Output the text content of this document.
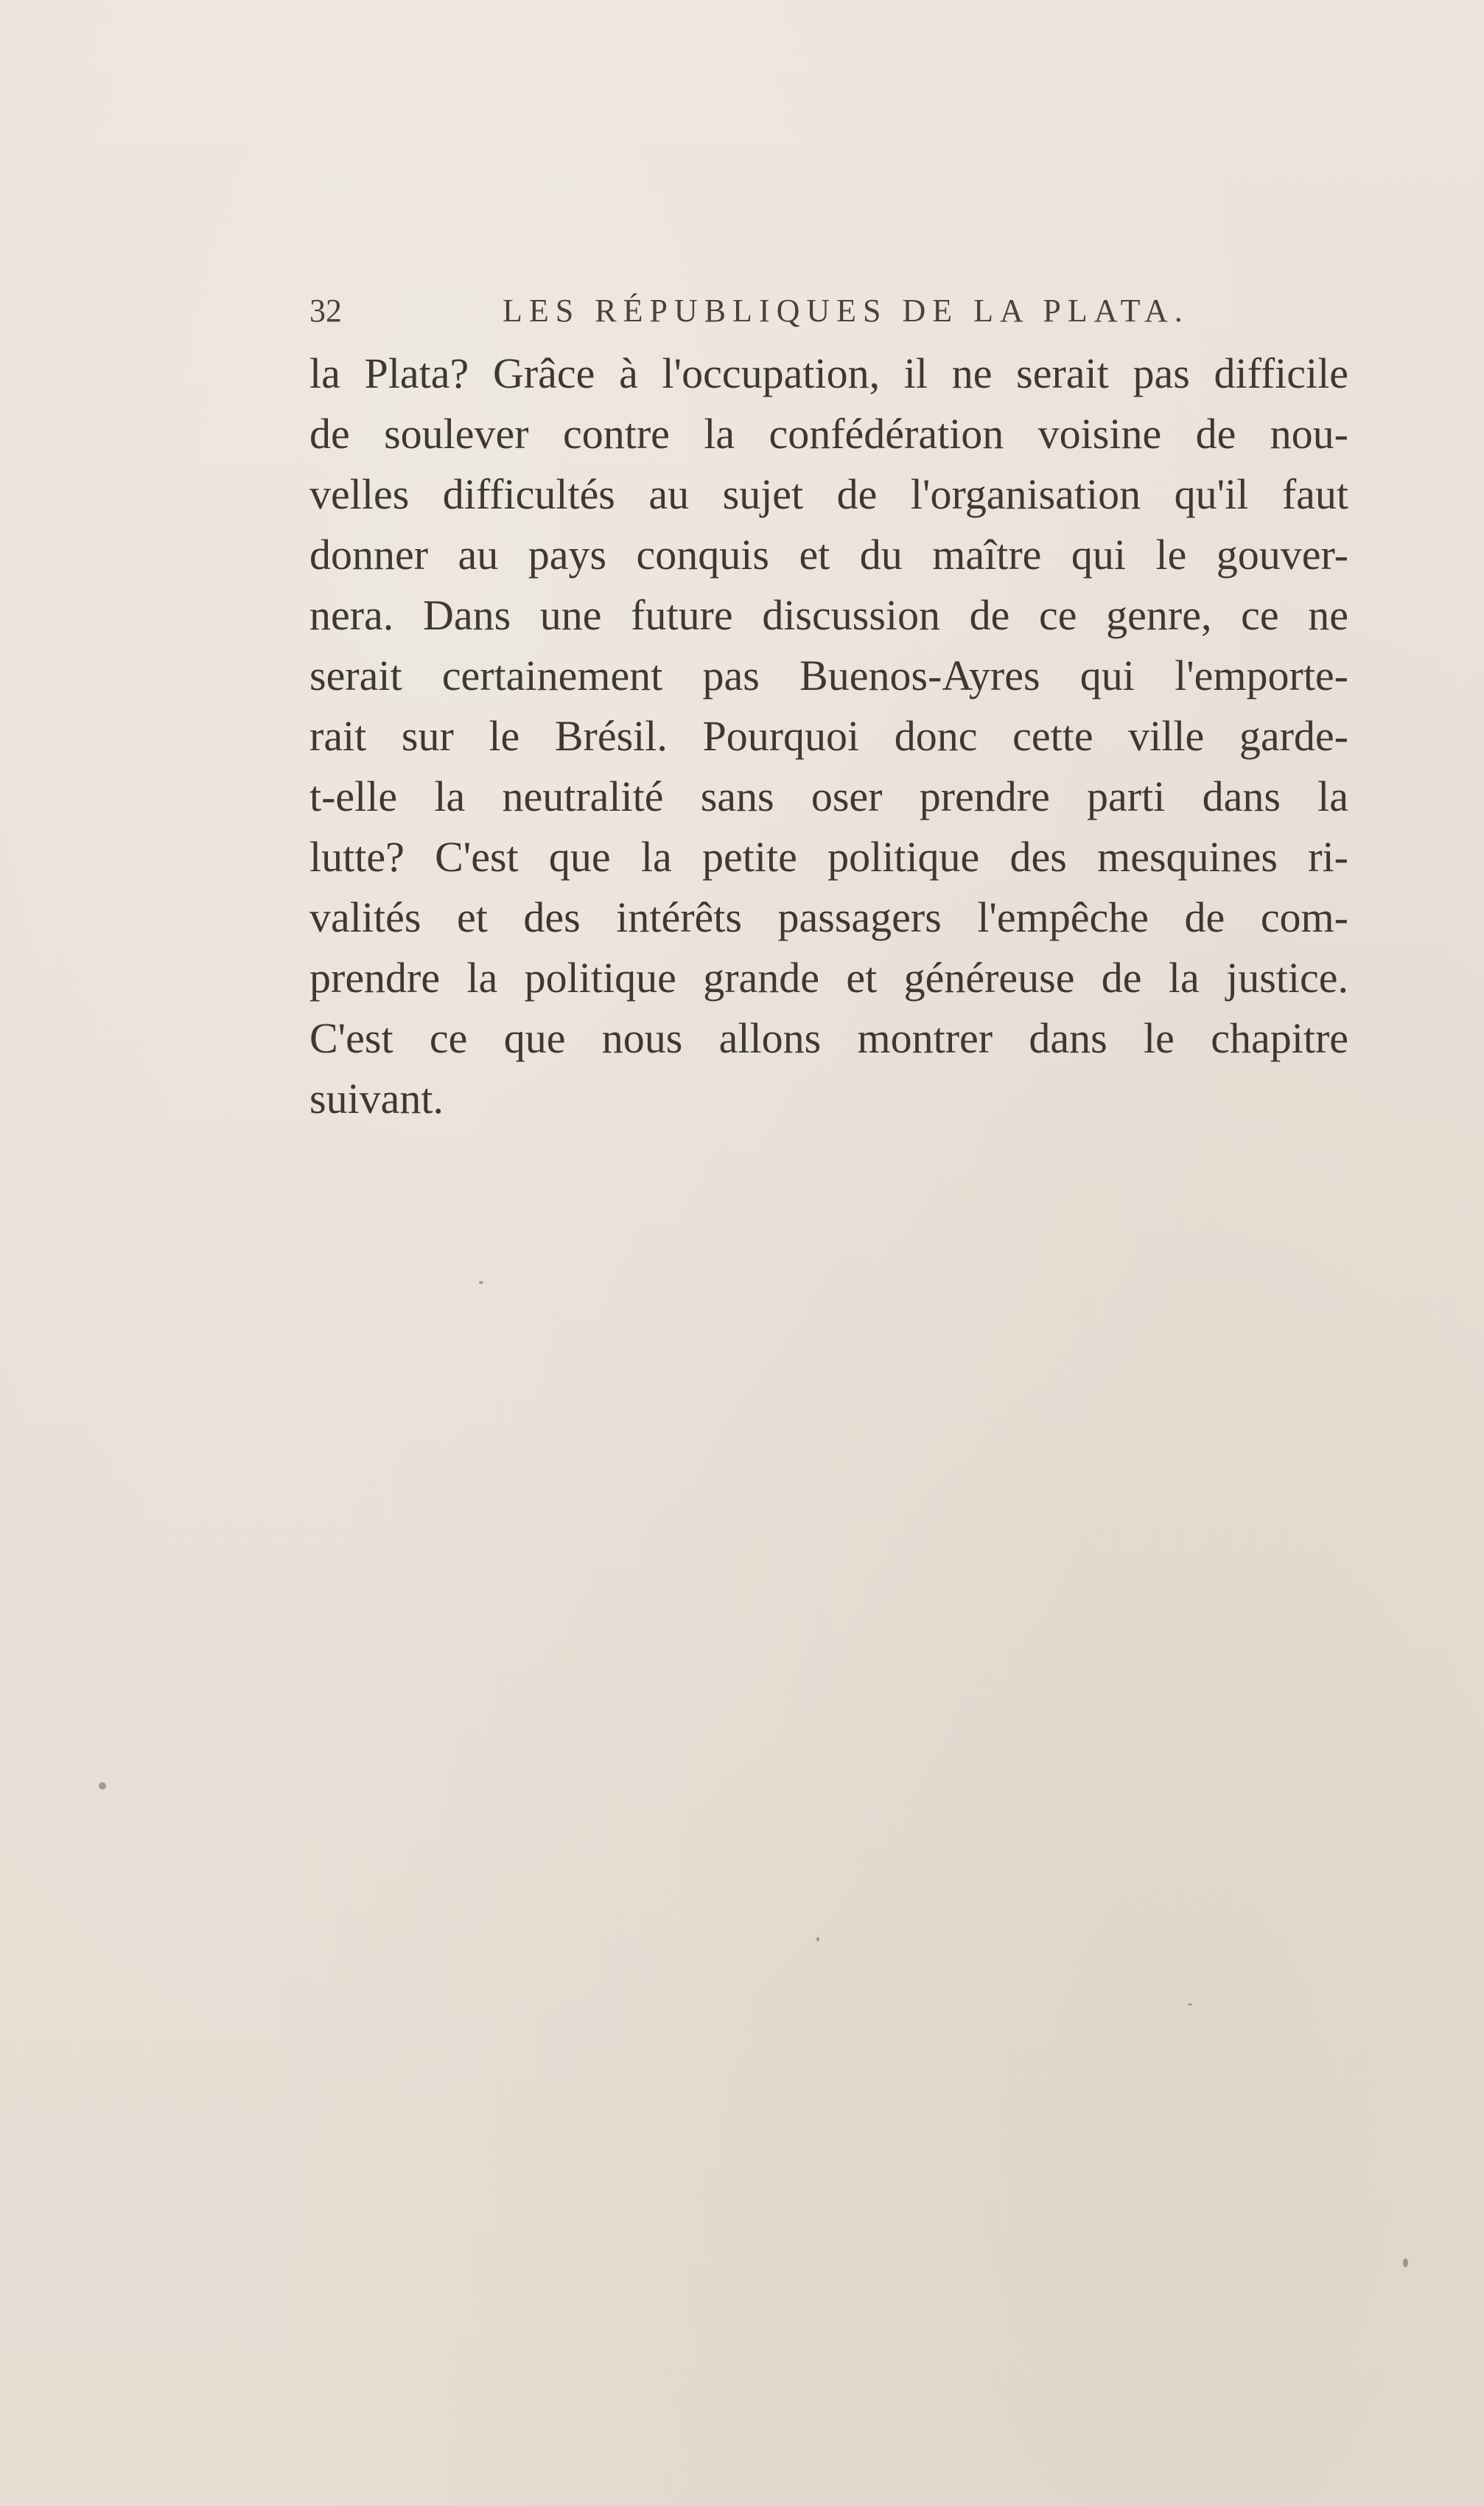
32	LES RÉPUBLIQUES DE LA PLATA.
la Plata? Grâce à l'occupation, il ne serait pas difficile
de soulever contre la confédération voisine de nou-
velles difficultés au sujet de l'organisation qu'il faut
donner au pays conquis et du maître qui le gouver-
nera. Dans une future discussion de ce genre, ce ne
serait certainement pas Buenos-Ayres qui l'emporte-
rait sur le Brésil. Pourquoi donc cette ville garde-
t-elle la neutralité sans oser prendre parti dans la
lutte? C'est que la petite politique des mesquines ri-
valités et des intérêts passagers l'empêche de com-
prendre la politique grande et généreuse de la justice.
C'est ce que nous allons montrer dans le chapitre
suivant.
